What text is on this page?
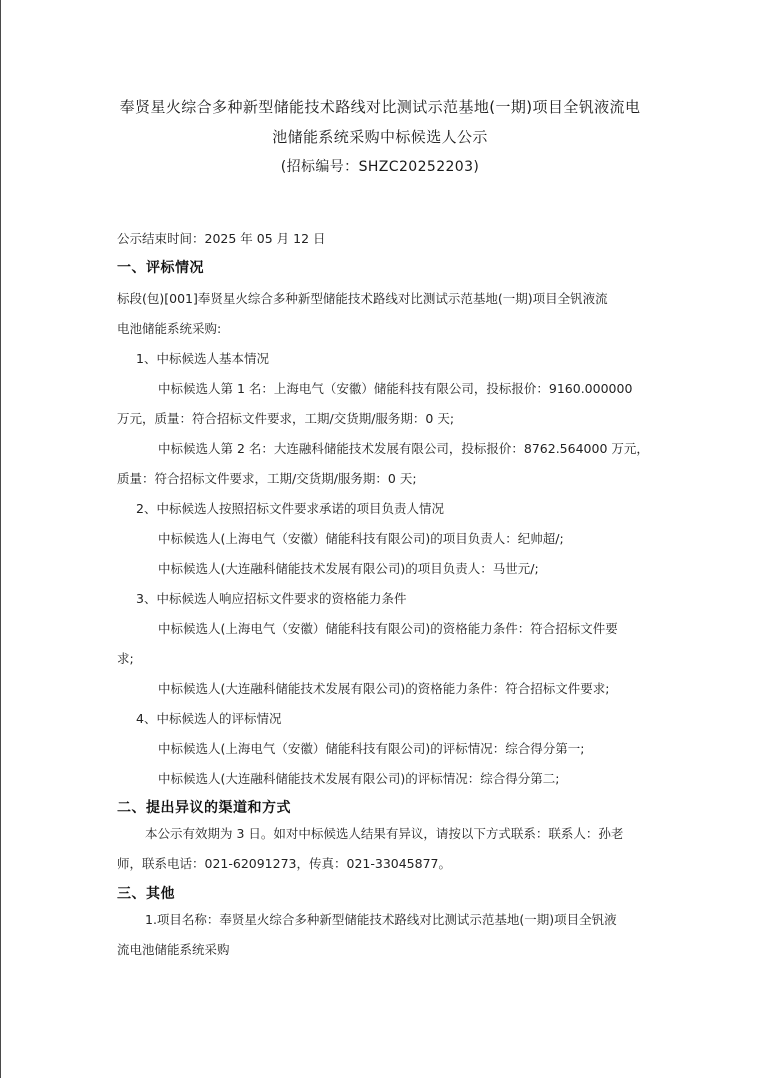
奉贤星火综合多种新型储能技术路线对比测试示范基地(一期)项目全钒液流电
池储能系统采购中标候选人公示
(招标编号：SHZC20252203)
公示结束时间：2025 年 05 月 12 日
一、评标情况
标段(包)[001]奉贤星火综合多种新型储能技术路线对比测试示范基地(一期)项目全钒液流
电池储能系统采购:
1、中标候选人基本情况
中标候选人第 1 名：上海电气（安徽）储能科技有限公司，投标报价：9160.000000
万元，质量：符合招标文件要求，工期/交货期/服务期：0 天;
中标候选人第 2 名：大连融科储能技术发展有限公司，投标报价：8762.564000 万元，
质量：符合招标文件要求，工期/交货期/服务期：0 天;
2、中标候选人按照招标文件要求承诺的项目负责人情况
中标候选人(上海电气（安徽）储能科技有限公司)的项目负责人：纪帅超/;
中标候选人(大连融科储能技术发展有限公司)的项目负责人：马世元/;
3、中标候选人响应招标文件要求的资格能力条件
中标候选人(上海电气（安徽）储能科技有限公司)的资格能力条件：符合招标文件要
求;
中标候选人(大连融科储能技术发展有限公司)的资格能力条件：符合招标文件要求;
4、中标候选人的评标情况
中标候选人(上海电气（安徽）储能科技有限公司)的评标情况：综合得分第一;
中标候选人(大连融科储能技术发展有限公司)的评标情况：综合得分第二;
二、提出异议的渠道和方式
本公示有效期为 3 日。如对中标候选人结果有异议，请按以下方式联系：联系人：孙老
师，联系电话：021-62091273，传真：021-33045877。
三、其他
1.项目名称：奉贤星火综合多种新型储能技术路线对比测试示范基地(一期)项目全钒液
流电池储能系统采购
